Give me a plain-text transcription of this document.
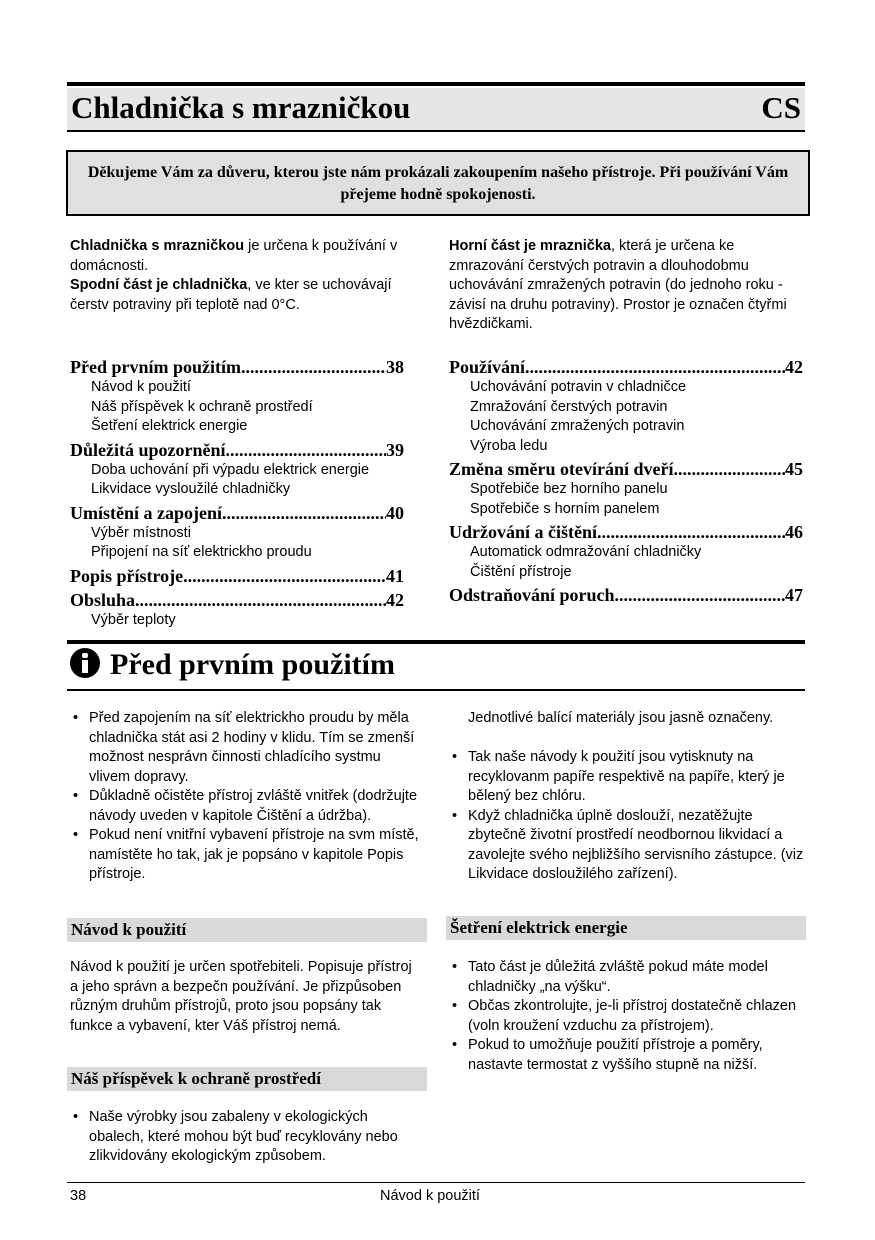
Chladnička s mrazničkou	CS
Děkujeme Vám za důveru, kterou jste nám prokázali zakoupením našeho přístroje. Při používání Vám přejeme hodně spokojenosti.
Chladnička s mrazničkou je určena k používání v domácnosti.
Spodní část je chladnička, ve kter se uchovávají čerstv potraviny při teplotě nad 0°C.
Horní část je mraznička, která je určena ke zmrazování čerstvých potravin a dlouhodobmu uchovávání zmražených potravin (do jednoho roku - závisí na druhu potraviny). Prostor je označen čtyřmi hvězdičkami.
Před prvním použitím .....	38
Návod k použití
Náš příspěvek k ochraně prostředí
Šetření elektrick energie
Důležitá upozornění .....	39
Doba uchování při výpadu elektrick energie
Likvidace vysloužilé chladničky
Umístění a zapojení .....	40
Výběr místnosti
Připojení na síť elektrickho proudu
Popis přístroje .....	41
Obsluha .....	42
Výběr teploty
Používání .....	42
Uchovávání potravin v chladničce
Zmražování čerstvých potravin
Uchovávání zmražených potravin
Výroba ledu
Změna směru otevírání dveří .....	45
Spotřebiče bez horního panelu
Spotřebiče s horním panelem
Udržování a čištění .....	46
Automatick odmražování chladničky
Čištění přístroje
Odstraňování poruch .....	47
Před prvním použitím
• Před zapojením na síť elektrickho proudu by měla chladnička stát asi 2 hodiny v klidu. Tím se zmenší možnost nesprávn činnosti chladícího systmu vlivem dopravy.
• Důkladně očistěte přístroj zvláště vnitřek (dodržujte návody uveden v kapitole Čištění a údržba).
• Pokud není vnitřní vybavení přístroje na svm místě, namístěte ho tak, jak je popsáno v kapitole Popis přístroje.
Jednotlivé balící materiály jsou jasně označeny.
• Tak naše návody k použití jsou vytisknuty na recyklovanm papíře respektivě na papíře, který je bělený bez chlóru.
• Když chladnička úplně doslouží, nezatěžujte zbytečně životní prostředí neodbornou likvidací a zavolejte svého nejbližšího servisního zástupce. (viz Likvidace dosloužilého zařízení).
Návod k použití
Návod k použití je určen spotřebiteli. Popisuje přístroj a jeho správn a bezpečn používání. Je přizpůsoben různým druhům přístrojů, proto jsou popsány tak funkce a vybavení, kter Váš přístroj nemá.
Náš příspěvek k ochraně prostředí
• Naše výrobky jsou zabaleny v ekologických obalech, které mohou být buď recyklovány nebo zlikvidovány ekologickým způsobem.
Šetření elektrick energie
• Tato část je důležitá zvláště pokud máte model chladničky „na výšku“.
• Občas zkontrolujte, je-li přístroj dostatečně chlazen (voln kroužení vzduchu za přístrojem).
• Pokud to umožňuje použití přístroje a poměry, nastavte termostat z vyššího stupně na nižší.
38	Návod k použití
